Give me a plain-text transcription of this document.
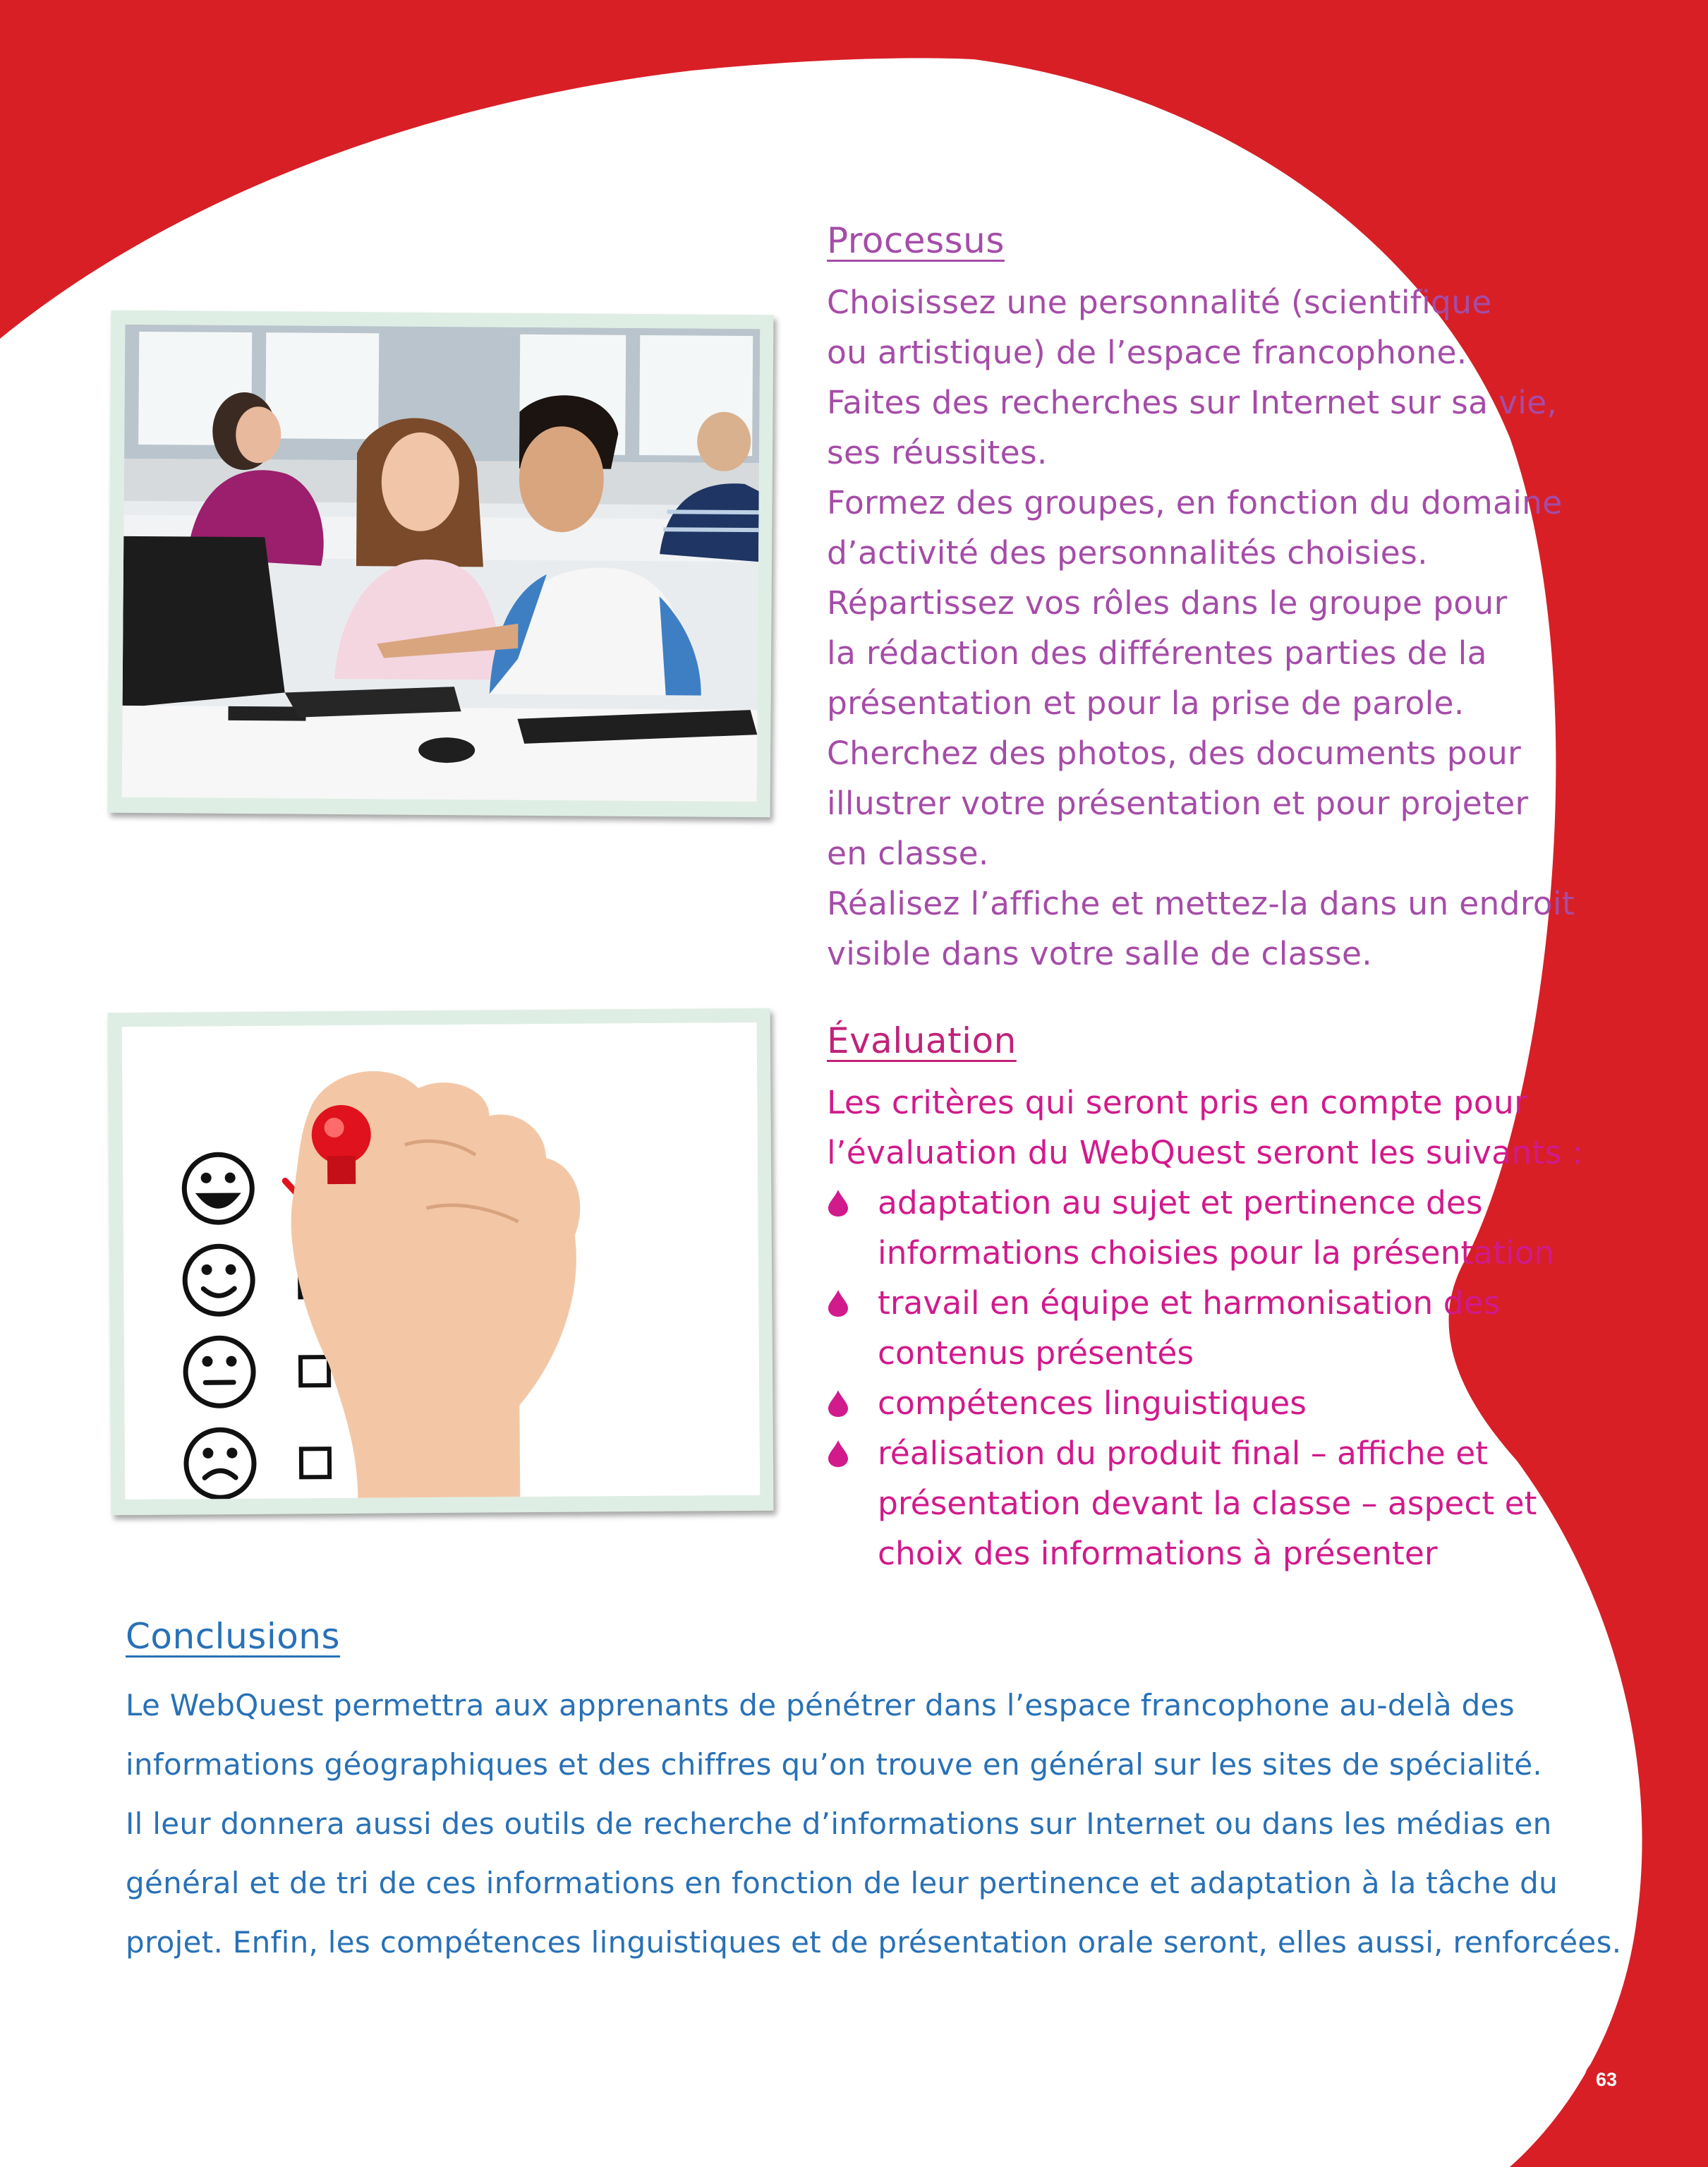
Processus
Choisissez une personnalité (scientifique
ou artistique) de l’espace francophone.
Faites des recherches sur Internet sur sa vie,
ses réussites.
Formez des groupes, en fonction du domaine
d’activité des personnalités choisies.
Répartissez vos rôles dans le groupe pour
la rédaction des différentes parties de la
présentation et pour la prise de parole.
Cherchez des photos, des documents pour
illustrer votre présentation et pour projeter
en classe.
Réalisez l’affiche et mettez-la dans un endroit
visible dans votre salle de classe.
Évaluation
Les critères qui seront pris en compte pour
l’évaluation du WebQuest seront les suivants :
adaptation au sujet et pertinence des
informations choisies pour la présentation
travail en équipe et harmonisation des
contenus présentés
compétences linguistiques
réalisation du produit final – affiche et
présentation devant la classe – aspect et
choix des informations à présenter
Conclusions
Le WebQuest permettra aux apprenants de pénétrer dans l’espace francophone au-delà des
informations géographiques et des chiffres qu’on trouve en général sur les sites de spécialité.
Il leur donnera aussi des outils de recherche d’informations sur Internet ou dans les médias en
général et de tri de ces informations en fonction de leur pertinence et adaptation à la tâche du
projet. Enfin, les compétences linguistiques et de présentation orale seront, elles aussi, renforcées.
63
